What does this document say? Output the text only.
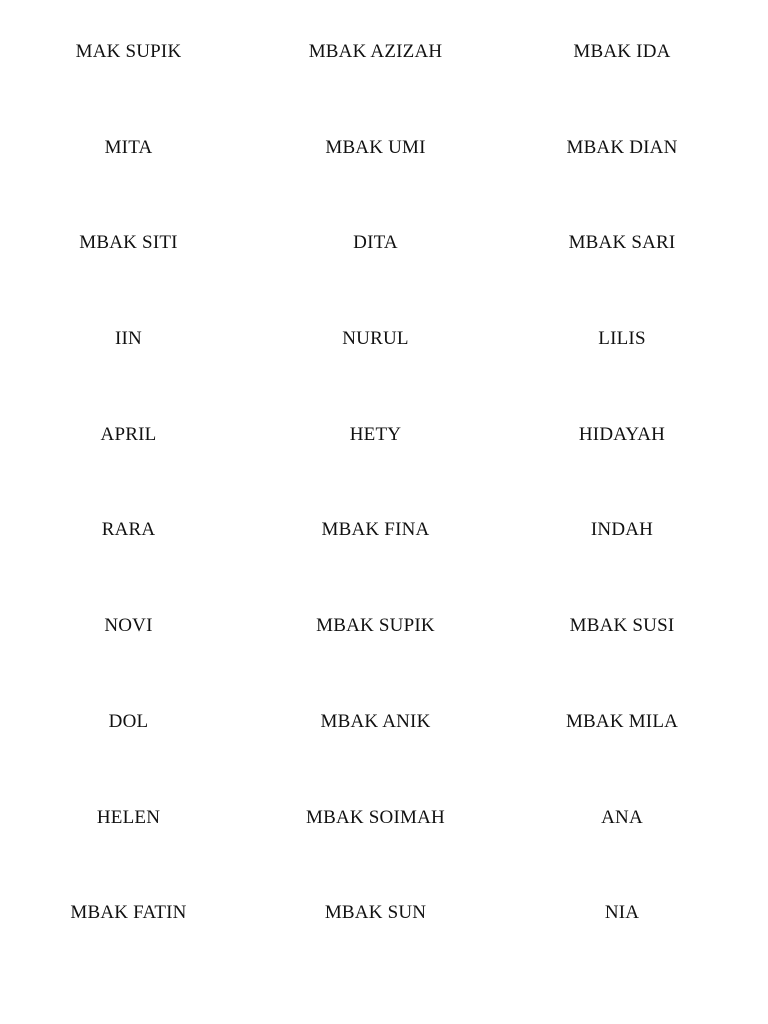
MAK SUPIK	MBAK AZIZAH	MBAK IDA
MITA	MBAK UMI	MBAK DIAN
MBAK SITI	DITA	MBAK SARI
IIN	NURUL	LILIS
APRIL	HETY	HIDAYAH
RARA	MBAK FINA	INDAH
NOVI	MBAK SUPIK	MBAK SUSI
DOL	MBAK ANIK	MBAK MILA
HELEN	MBAK SOIMAH	ANA
MBAK FATIN	MBAK SUN	NIA
